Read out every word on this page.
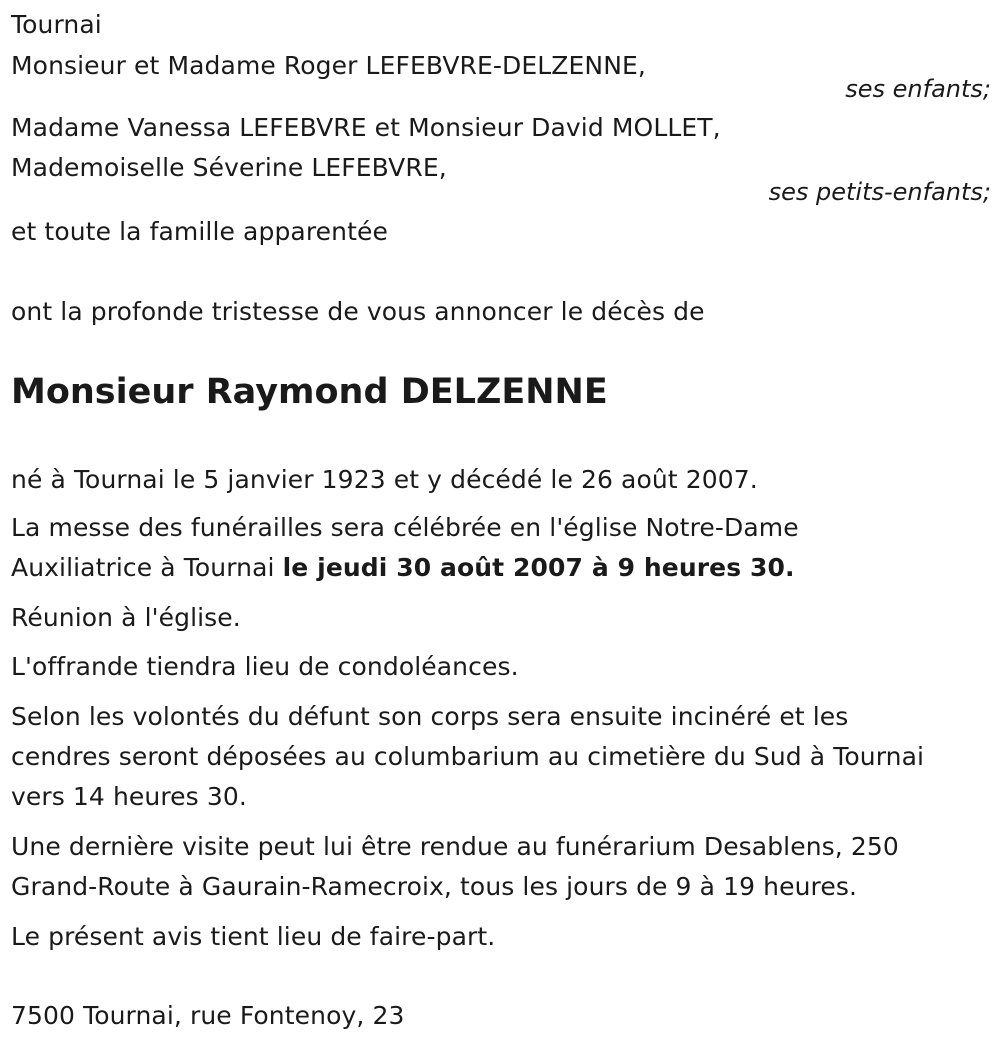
Tournai

Monsieur et Madame Roger LEFEBVRE-DELZENNE,

ses enfants;

Madame Vanessa LEFEBVRE et Monsieur David MOLLET,

Mademoiselle Séverine LEFEBVRE,

ses petits-enfants;

et toute la famille apparentée

ont la profonde tristesse de vous annoncer le décès de

Monsieur Raymond DELZENNE

né à Tournai le 5 janvier 1923 et y décédé le 26 août 2007.

La messe des funérailles sera célébrée en l'église Notre-Dame

Auxiliatrice à Tournai le jeudi 30 août 2007 à 9 heures 30.

Réunion à l'église.

L'offrande tiendra lieu de condoléances.

Selon les volontés du défunt son corps sera ensuite incinéré et les

cendres seront déposées au columbarium au cimetière du Sud à Tournai

vers 14 heures 30.

Une dernière visite peut lui être rendue au funérarium Desablens, 250

Grand-Route à Gaurain-Ramecroix, tous les jours de 9 à 19 heures.

Le présent avis tient lieu de faire-part.

7500 Tournai, rue Fontenoy, 23
